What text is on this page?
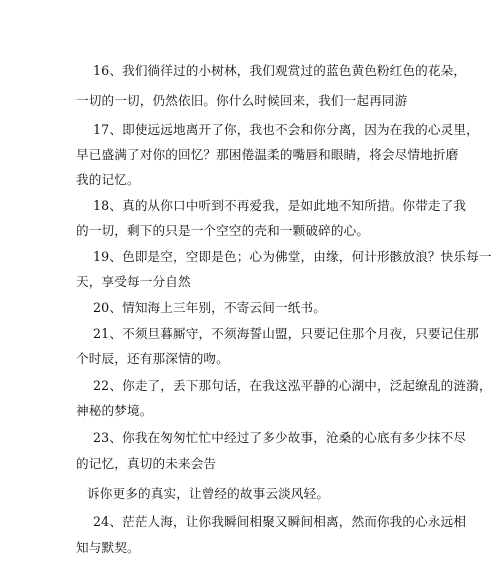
16、我们徜徉过的小树林，我们观赏过的蓝色黄色粉红色的花朵，
一切的一切，仍然依旧。你什么时候回来，我们一起再同游
17、即使远远地离开了你，我也不会和你分离，因为在我的心灵里，
早已盛满了对你的回忆？那困倦温柔的嘴唇和眼睛，将会尽情地折磨
我的记忆。
18、真的从你口中听到不再爱我，是如此地不知所措。你带走了我
的一切，剩下的只是一个空空的壳和一颗破碎的心。
19、色即是空，空即是色；心为佛堂，由缘，何计形骸放浪？快乐每一
天，享受每一分自然
20、情知海上三年别，不寄云间一纸书。
21、不须旦暮厮守，不须海誓山盟，只要记住那个月夜，只要记住那
个时辰，还有那深情的吻。
22、你走了，丢下那句话，在我这泓平静的心湖中，泛起缭乱的涟漪，
神秘的梦境。
23、你我在匆匆忙忙中经过了多少故事，沧桑的心底有多少抹不尽
的记忆，真切的未来会告
诉你更多的真实，让曾经的故事云淡风轻。
24、茫茫人海，让你我瞬间相聚又瞬间相离，然而你我的心永远相
知与默契。
